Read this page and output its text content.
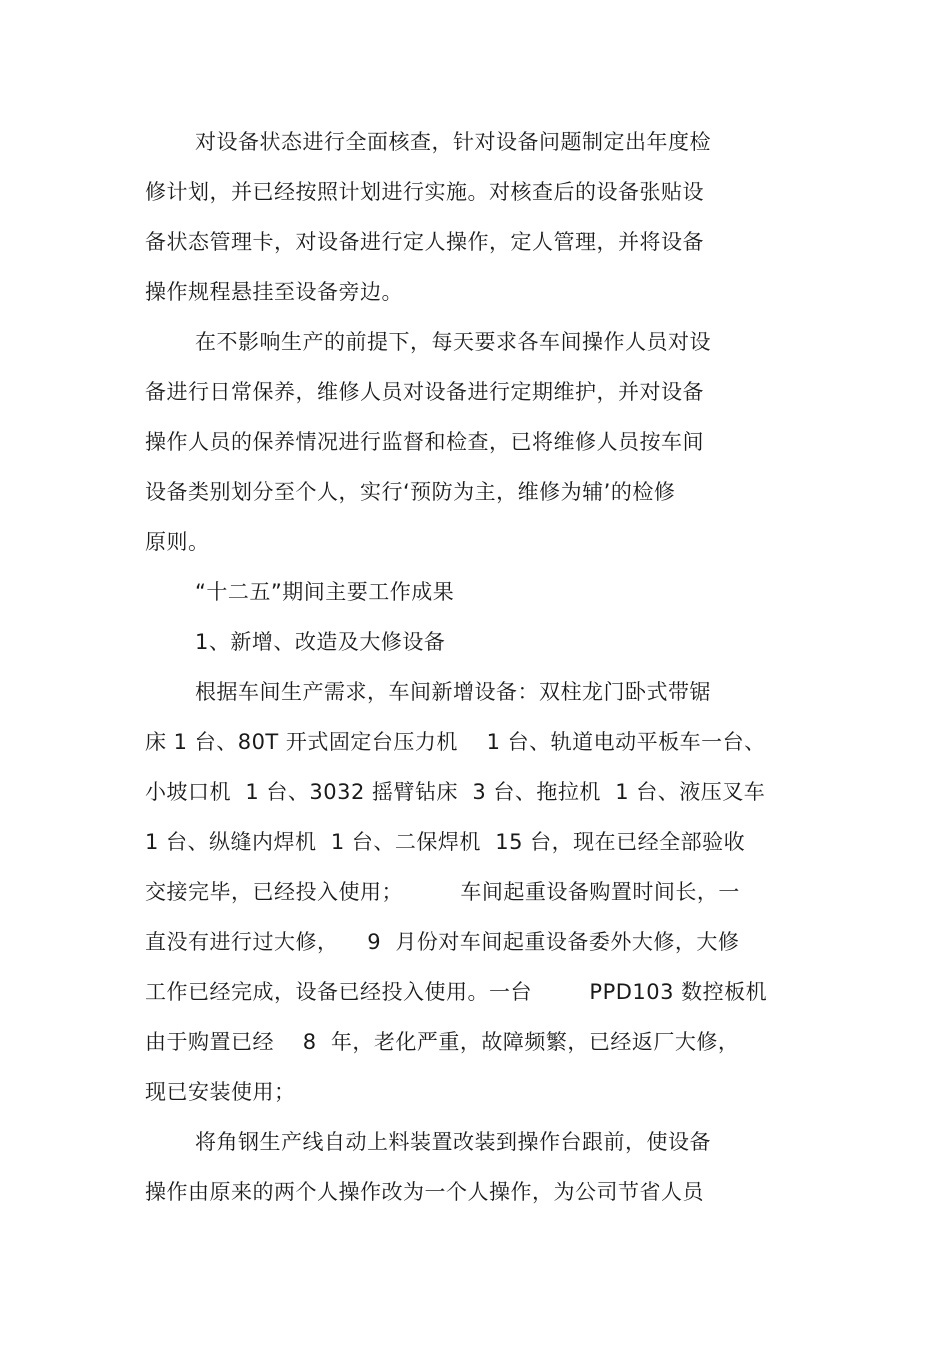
对设备状态进行全面核查，针对设备问题制定出年度检
修计划，并已经按照计划进行实施。对核查后的设备张贴设
备状态管理卡，对设备进行定人操作，定人管理，并将设备
操作规程悬挂至设备旁边。
在不影响生产的前提下，每天要求各车间操作人员对设
备进行日常保养，维修人员对设备进行定期维护，并对设备
操作人员的保养情况进行监督和检查，已将维修人员按车间
设备类别划分至个人，实行‘预防为主，维修为辅’的检修
原则。
“十二五”期间主要工作成果
1、新增、改造及大修设备
根据车间生产需求，车间新增设备：双柱龙门卧式带锯
床 1 台、80T 开式固定台压力机    1 台、轨道电动平板车一台、
小坡口机  1 台、3032 摇臂钻床  3 台、拖拉机  1 台、液压叉车
1 台、纵缝内焊机  1 台、二保焊机  15 台，现在已经全部验收
交接完毕，已经投入使用；        车间起重设备购置时间长，一
直没有进行过大修，    9  月份对车间起重设备委外大修，大修
工作已经完成，设备已经投入使用。一台        PPD103 数控板机
由于购置已经    8  年，老化严重，故障频繁，已经返厂大修，
现已安装使用；
将角钢生产线自动上料装置改装到操作台跟前，使设备
操作由原来的两个人操作改为一个人操作，为公司节省人员
